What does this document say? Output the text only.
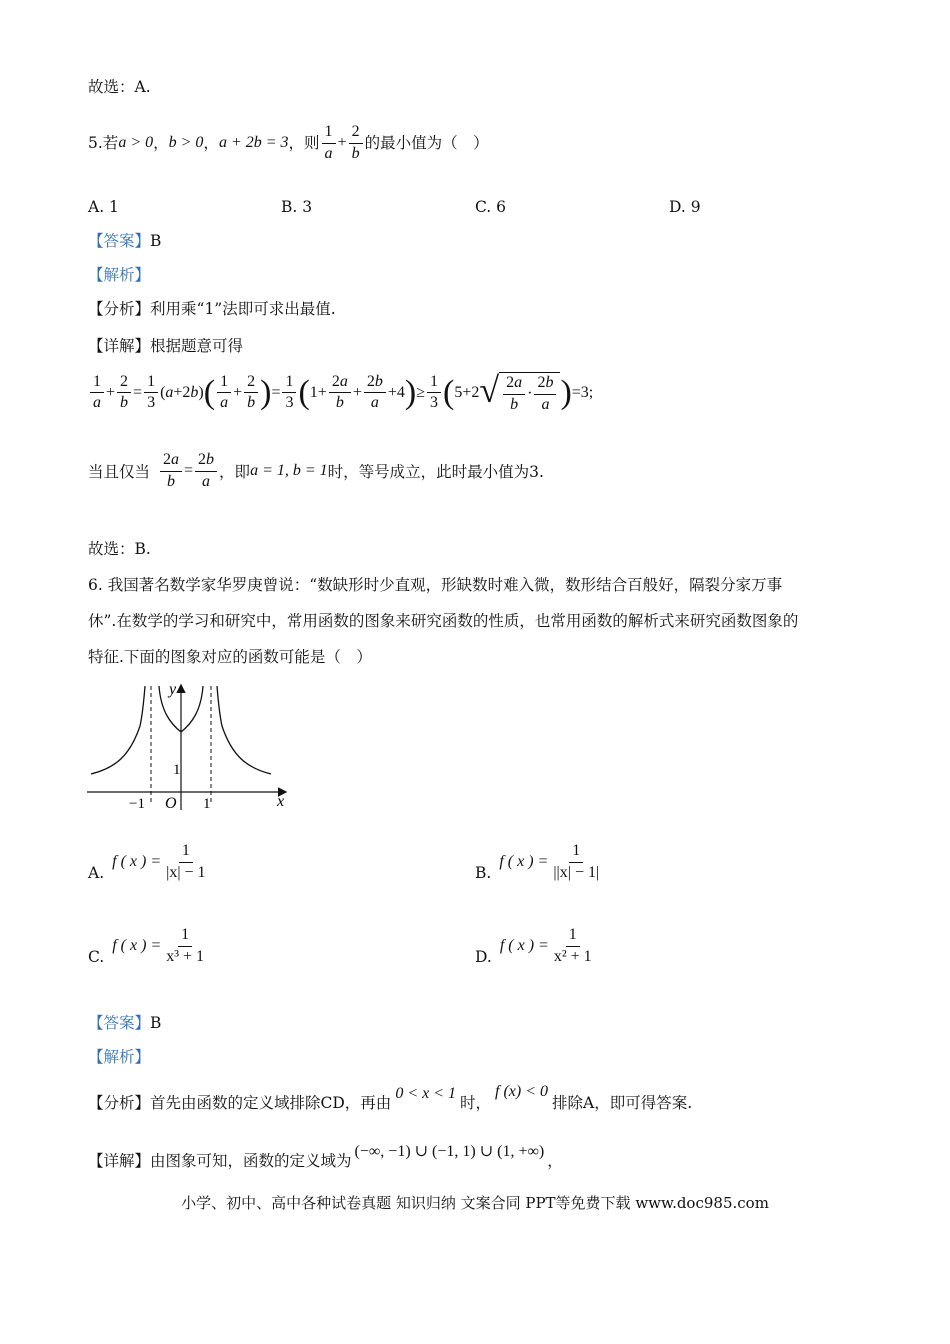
故选：A.
5. 若 a > 0 ， b > 0 ， a + 2b = 3 ，则 $\frac{1}{a} + \frac{2}{b}$ 的最小值为（　）
A. 1	B. 3	C. 6	D. 9
【答案】B
【解析】
【分析】利用乘“1”法即可求出最值.
【详解】根据题意可得
$\frac{1}{a} + \frac{2}{b} = \frac{1}{3}$ ( a +2 b ) ( $\frac{1}{a} + \frac{2}{b}$ ) = $\frac{1}{3}$ ( $1+ \frac{2a}{b} + \frac{2b}{a} +4$ ) ≥ $\frac{1}{3}$ ( 5+2 √ $\frac{2a}{b} \cdot \frac{2b}{a}$ ) =3;
当且仅当 $\frac{2a}{b} = \frac{2b}{a}$ ，即 a = 1, b = 1 时，等号成立，此时最小值为3.
故选：B.
6. 我国著名数学家华罗庚曾说：“数缺形时少直观，形缺数时难入微，数形结合百般好，隔裂分家万事
休”.在数学的学习和研究中，常用函数的图象来研究函数的性质，也常用函数的解析式来研究函数图象的
特征.下面的图象对应的函数可能是（　）
y
x
O
−1	1
1
A.
f ( x ) = $\frac{1}{|x| - 1}$	B.
f ( x ) = $\frac{1}{||x| - 1|}$
C.
f ( x ) = $\frac{1}{\text{x³ + 1}}$	D.
f ( x ) = $\frac{1}{\text{x² + 1}}$
【答案】B
【解析】
【分析】首先由函数的定义域排除CD，再由0 < x < 1时，f (x) < 0排除A，即可得答案.
【详解】由图象可知，函数的定义域为(−∞, −1) ∪ (−1, 1) ∪ (1, +∞)，
小学、初中、高中各种试卷真题 知识归纳 文案合同 PPT等免费下载 www.doc985.com
